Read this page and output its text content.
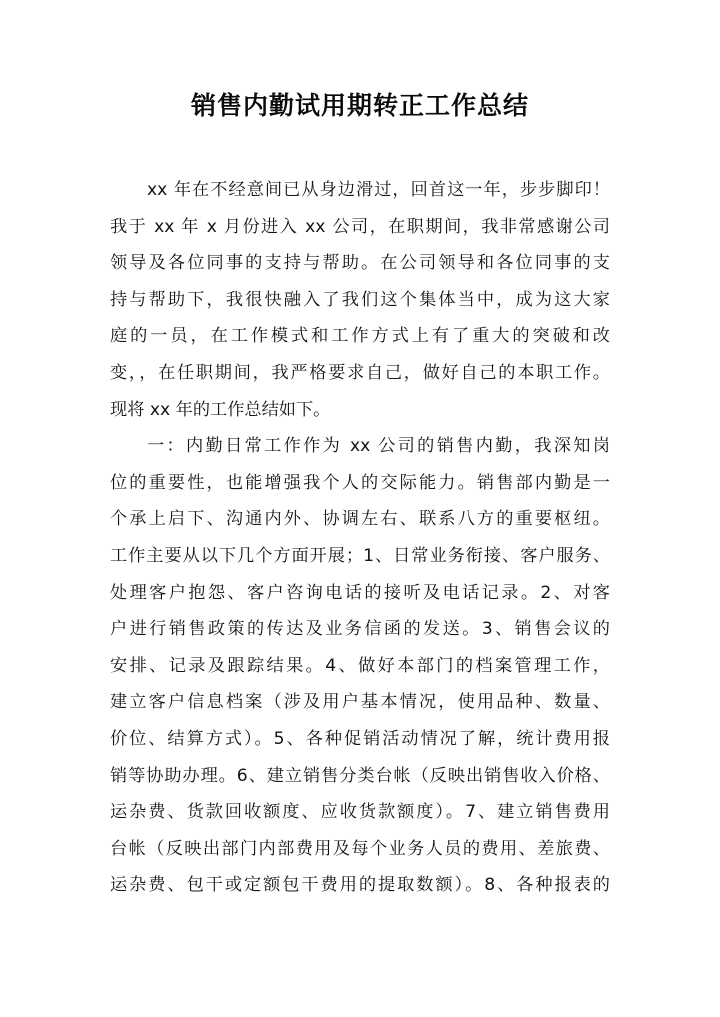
销售内勤试用期转正工作总结
xx 年在不经意间已从身边滑过，回首这一年，步步脚印！
我于 xx 年 x 月份进入 xx 公司，在职期间，我非常感谢公司
领导及各位同事的支持与帮助。在公司领导和各位同事的支
持与帮助下，我很快融入了我们这个集体当中，成为这大家
庭的一员，在工作模式和工作方式上有了重大的突破和改
变，，在任职期间，我严格要求自己，做好自己的本职工作。
现将 xx 年的工作总结如下。
一：内勤日常工作作为 xx 公司的销售内勤，我深知岗
位的重要性，也能增强我个人的交际能力。销售部内勤是一
个承上启下、沟通内外、协调左右、联系八方的重要枢纽。
工作主要从以下几个方面开展；1、日常业务衔接、客户服务、
处理客户抱怨、客户咨询电话的接听及电话记录。2、对客
户进行销售政策的传达及业务信函的发送。3、销售会议的
安排、记录及跟踪结果。4、做好本部门的档案管理工作，
建立客户信息档案（涉及用户基本情况，使用品种、数量、
价位、结算方式）。5、各种促销活动情况了解，统计费用报
销等协助办理。6、建立销售分类台帐（反映出销售收入价格、
运杂费、货款回收额度、应收货款额度）。7、建立销售费用
台帐（反映出部门内部费用及每个业务人员的费用、差旅费、
运杂费、包干或定额包干费用的提取数额）。8、各种报表的
